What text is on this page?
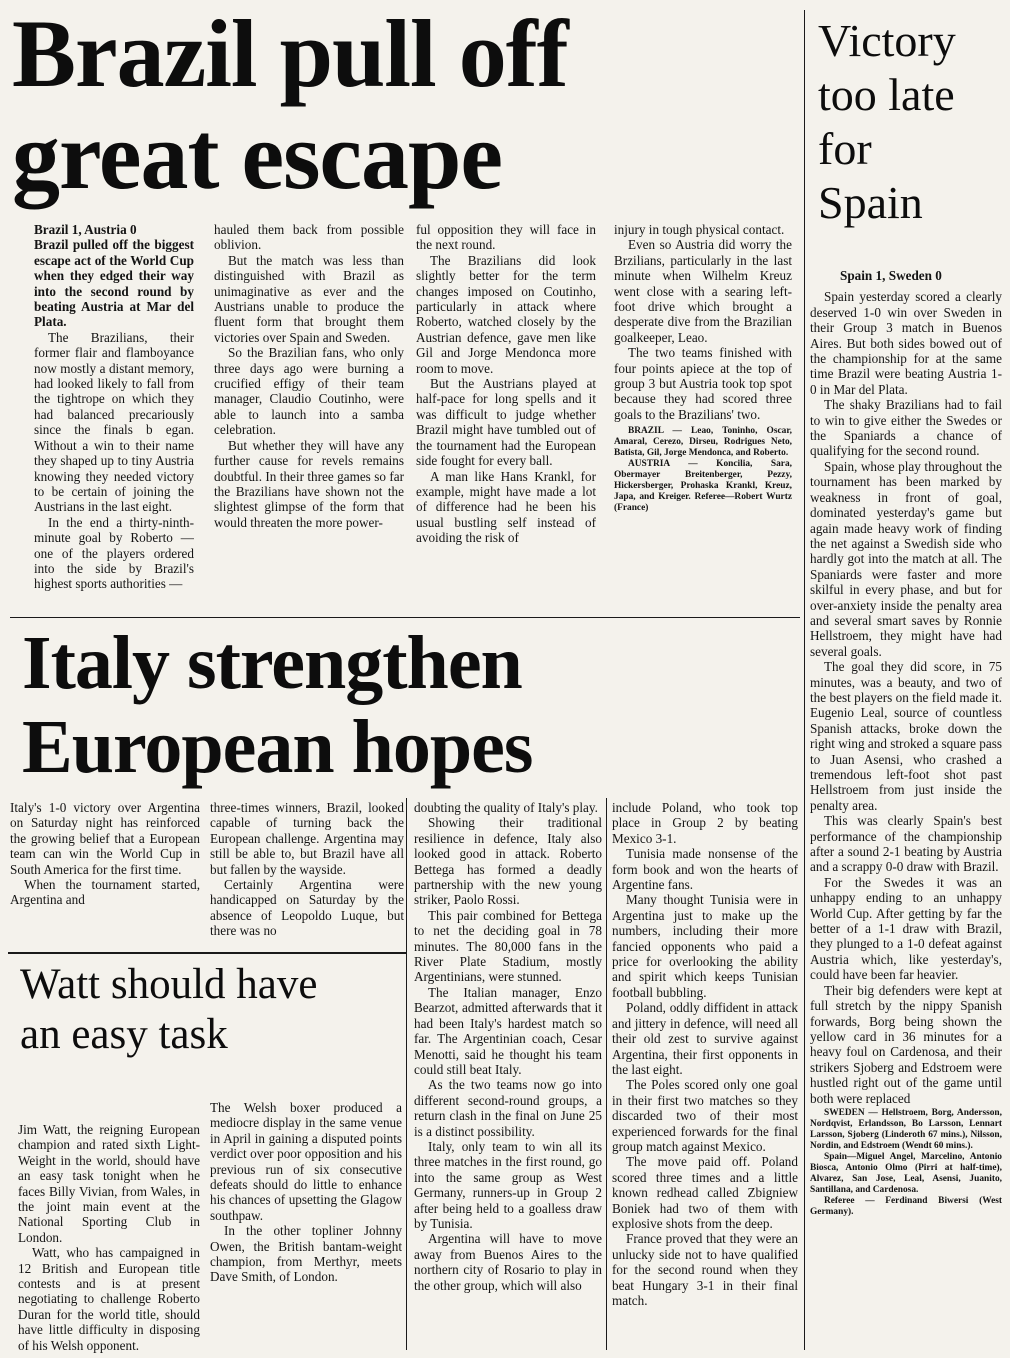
Brazil pull off
great escape
Brazil 1, Austria 0

Brazil pulled off the biggest escape act of the World Cup when they edged their way into the second round by beating Austria at Mar del Plata.

The Brazilians, their former flair and flamboyance now mostly a distant memory, had looked likely to fall from the tightrope on which they had balanced precariously since the finals b egan. Without a win to their name they shaped up to tiny Austria knowing they needed victory to be certain of joining the Austrians in the last eight.

In the end a thirty-ninth-minute goal by Roberto — one of the players ordered into the side by Brazil's highest sports authorities —

hauled them back from possible oblivion.

But the match was less than distinguished with Brazil as unimaginative as ever and the Austrians unable to produce the fluent form that brought them victories over Spain and Sweden.

So the Brazilian fans, who only three days ago were burning a crucified effigy of their team manager, Claudio Coutinho, were able to launch into a samba celebration.

But whether they will have any further cause for revels remains doubtful. In their three games so far the Brazilians have shown not the slightest glimpse of the form that would threaten the more power-

ful opposition they will face in the next round.

The Brazilians did look slightly better for the term changes imposed on Coutinho, particularly in attack where Roberto, watched closely by the Austrian defence, gave men like Gil and Jorge Mendonca more room to move.

But the Austrians played at half-pace for long spells and it was difficult to judge whether Brazil might have tumbled out of the tournament had the European side fought for every ball.

A man like Hans Krankl, for example, might have made a lot of difference had he been his usual bustling self instead of avoiding the risk of

injury in tough physical contact.

Even so Austria did worry the Brzilians, particularly in the last minute when Wilhelm Kreuz went close with a searing left-foot drive which brought a desperate dive from the Brazilian goalkeeper, Leao.

The two teams finished with four points apiece at the top of group 3 but Austria took top spot because they had scored three goals to the Brazilians' two.

BRAZIL — Leao, Toninho, Oscar, Amaral, Cerezo, Dirseu, Rodrigues Neto, Batista, Gil, Jorge Mendonca, and Roberto.

AUSTRIA — Koncilia, Sara, Obermayer Breitenberger, Pezzy, Hickersberger, Prohaska Krankl, Kreuz, Japa, and Kreiger. Referee—Robert Wurtz (France)

Italy strengthen
European hopes

Italy's 1-0 victory over Argentina on Saturday night has reinforced the growing belief that a European team can win the World Cup in South America for the first time.

When the tournament started, Argentina and

three-times winners, Brazil, looked capable of turning back the European challenge. Argentina may still be able to, but Brazil have all but fallen by the wayside.

Certainly Argentina were handicapped on Saturday by the absence of Leopoldo Luque, but there was no

doubting the quality of Italy's play.

Showing their traditional resilience in defence, Italy also looked good in attack. Roberto Bettega has formed a deadly partnership with the new young striker, Paolo Rossi.

This pair combined for Bettega to net the deciding goal in 78 minutes. The 80,000 fans in the River Plate Stadium, mostly Argentinians, were stunned.

The Italian manager, Enzo Bearzot, admitted afterwards that it had been Italy's hardest match so far. The Argentinian coach, Cesar Menotti, said he thought his team could still beat Italy.

As the two teams now go into different second-round groups, a return clash in the final on June 25 is a distinct possibility.

Italy, only team to win all its three matches in the first round, go into the same group as West Germany, runners-up in Group 2 after being held to a goalless draw by Tunisia.

Argentina will have to move away from Buenos Aires to the northern city of Rosario to play in the other group, which will also

include Poland, who took top place in Group 2 by beating Mexico 3-1.

Tunisia made nonsense of the form book and won the hearts of Argentine fans.

Many thought Tunisia were in Argentina just to make up the numbers, including their more fancied opponents who paid a price for overlooking the ability and spirit which keeps Tunisian football bubbling.

Poland, oddly diffident in attack and jittery in defence, will need all their old zest to survive against Argentina, their first opponents in the last eight.

The Poles scored only one goal in their first two matches so they discarded two of their most experienced forwards for the final group match against Mexico.

The move paid off. Poland scored three times and a little known redhead called Zbigniew Boniek had two of them with explosive shots from the deep.

France proved that they were an unlucky side not to have qualified for the second round when they beat Hungary 3-1 in their final match.

Watt should have
an easy task

Jim Watt, the reigning European champion and rated sixth Light-Weight in the world, should have an easy task tonight when he faces Billy Vivian, from Wales, in the joint main event at the National Sporting Club in London.

Watt, who has campaigned in 12 British and European title contests and is at present negotiating to challenge Roberto Duran for the world title, should have little difficulty in disposing of his Welsh opponent.

The Welsh boxer produced a mediocre display in the same venue in April in gaining a disputed points verdict over poor opposition and his previous run of six consecutive defeats should do little to enhance his chances of upsetting the Glagow southpaw.

In the other topliner Johnny Owen, the British bantam-weight champion, from Merthyr, meets Dave Smith, of London.

Victory
too late
for
Spain
Spain 1, Sweden 0

Spain yesterday scored a clearly deserved 1-0 win over Sweden in their Group 3 match in Buenos Aires. But both sides bowed out of the championship for at the same time Brazil were beating Austria 1-0 in Mar del Plata.

The shaky Brazilians had to fail to win to give either the Swedes or the Spaniards a chance of qualifying for the second round.

Spain, whose play throughout the tournament has been marked by weakness in front of goal, dominated yesterday's game but again made heavy work of finding the net against a Swedish side who hardly got into the match at all. The Spaniards were faster and more skilful in every phase, and but for over-anxiety inside the penalty area and several smart saves by Ronnie Hellstroem, they might have had several goals.

The goal they did score, in 75 minutes, was a beauty, and two of the best players on the field made it. Eugenio Leal, source of countless Spanish attacks, broke down the right wing and stroked a square pass to Juan Asensi, who crashed a tremendous left-foot shot past Hellstroem from just inside the penalty area.

This was clearly Spain's best performance of the championship after a sound 2-1 beating by Austria and a scrappy 0-0 draw with Brazil.

For the Swedes it was an unhappy ending to an unhappy World Cup. After getting by far the better of a 1-1 draw with Brazil, they plunged to a 1-0 defeat against Austria which, like yesterday's, could have been far heavier.

Their big defenders were kept at full stretch by the nippy Spanish forwards, Borg being shown the yellow card in 36 minutes for a heavy foul on Cardenosa, and their strikers Sjoberg and Edstroem were hustled right out of the game until both were replaced

SWEDEN — Hellstroem, Borg, Andersson, Nordqvist, Erlandsson, Bo Larsson, Lennart Larsson, Sjoberg (Linderoth 67 mins.), Nilsson, Nordin, and Edstroem (Wendt 60 mins.).

Spain—Miguel Angel, Marcelino, Antonio Biosca, Antonio Olmo (Pirri at half-time), Alvarez, San Jose, Leal, Asensi, Juanito, Santillana, and Cardenosa.

Referee — Ferdinand Biwersi (West Germany).
